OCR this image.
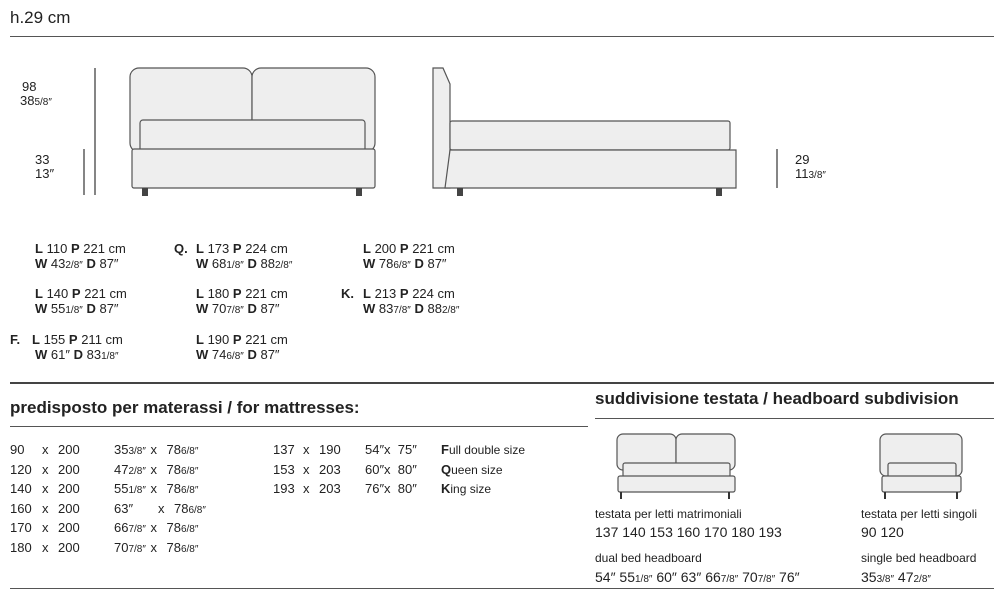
h.29 cm
98
385/8″
33
13″
29
113/8″
L 110 P 221 cm
W 432/8″ D 87″
L 140 P 221 cm
W 551/8″ D 87″
F. L 155 P 211 cm
W 61″ D 831/8″
Q. L 173 P 224 cm
W 681/8″ D 882/8″
L 180 P 221 cm
W 707/8″ D 87″
L 190 P 221 cm
W 746/8″ D 87″
L 200 P 221 cm
W 786/8″ D 87″
K. L 213 P 224 cm
W 837/8″ D 882/8″
predisposto per materassi / for mattresses:
90 x 200	353/8″ x 786/8″
120 x 200	472/8″ x 786/8″
140 x 200	551/8″ x 786/8″
160 x 200	63″ x 786/8″
170 x 200	667/8″ x 786/8″
180 x 200	707/8″ x 786/8″
137 x 190 54″x  75″ Full double size
153 x 203 60″x  80″ Queen size
193 x 203 76″x  80″ King size
suddivisione testata / headboard subdivision
testata per letti matrimoniali
137 140 153 160 170 180 193
dual bed headboard
54″ 551/8″ 60″ 63″ 667/8″ 707/8″ 76″
testata per letti singoli
90 120
single bed headboard
353/8″ 472/8″
